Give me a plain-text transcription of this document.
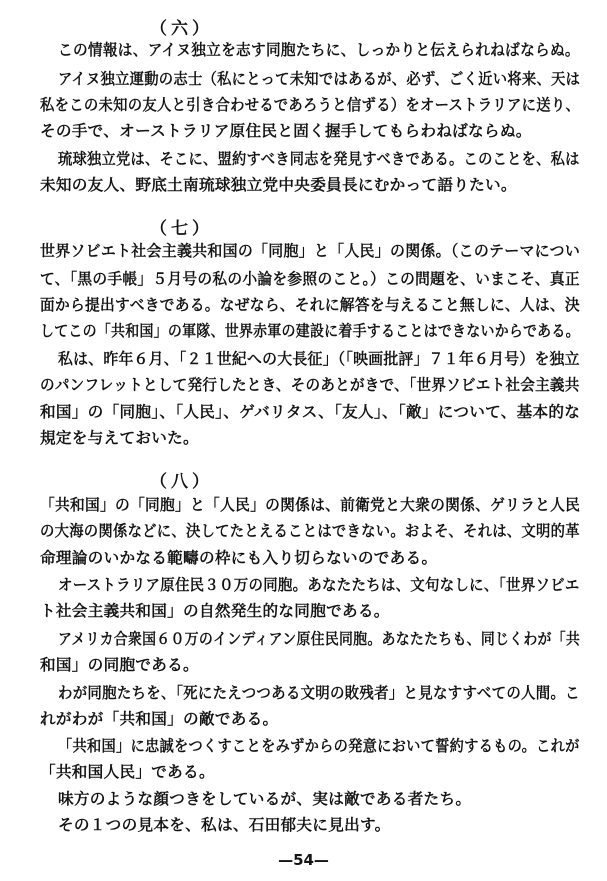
（六）
この情報は、アイヌ独立を志す同胞たちに、しっかりと伝えられねばならぬ。
アイヌ独立運動の志士（私にとって未知ではあるが、必ず、ごく近い将来、天は
私をこの未知の友人と引き合わせるであろうと信ずる）をオーストラリアに送り、
その手で、オーストラリア原住民と固く握手してもらわねばならぬ。
琉球独立党は、そこに、盟約すべき同志を発見すべきである。このことを、私は
未知の友人、野底土南琉球独立党中央委員長にむかって語りたい。
（七）
世界ソビエト社会主義共和国の「同胞」と「人民」の関係。（このテーマについ
て、「黒の手帳」５月号の私の小論を参照のこと。）この問題を、いまこそ、真正
面から提出すべきである。なぜなら、それに解答を与えること無しに、人は、決
してこの「共和国」の軍隊、世界赤軍の建設に着手することはできないからである。
私は、昨年６月、「２１世紀への大長征」（「映画批評」７１年６月号）を独立
のパンフレットとして発行したとき、そのあとがきで、「世界ソビエト社会主義共
和国」の「同胞」、「人民」、ゲバリタス、「友人」、「敵」について、基本的な
規定を与えておいた。
（八）
「共和国」の「同胞」と「人民」の関係は、前衛党と大衆の関係、ゲリラと人民
の大海の関係などに、決してたとえることはできない。およそ、それは、文明的革
命理論のいかなる範疇の枠にも入り切らないのである。
オーストラリア原住民３０万の同胞。あなたたちは、文句なしに、「世界ソビエ
ト社会主義共和国」の自然発生的な同胞である。
アメリカ合衆国６０万のインディアン原住民同胞。あなたたちも、同じくわが「共
和国」の同胞である。
わが同胞たちを、「死にたえつつある文明の敗残者」と見なすすべての人間。こ
れがわが「共和国」の敵である。
「共和国」に忠誠をつくすことをみずからの発意において誓約するもの。これが
「共和国人民」である。
味方のような顔つきをしているが、実は敵である者たち。
その１つの見本を、私は、石田郁夫に見出す。
—54—
